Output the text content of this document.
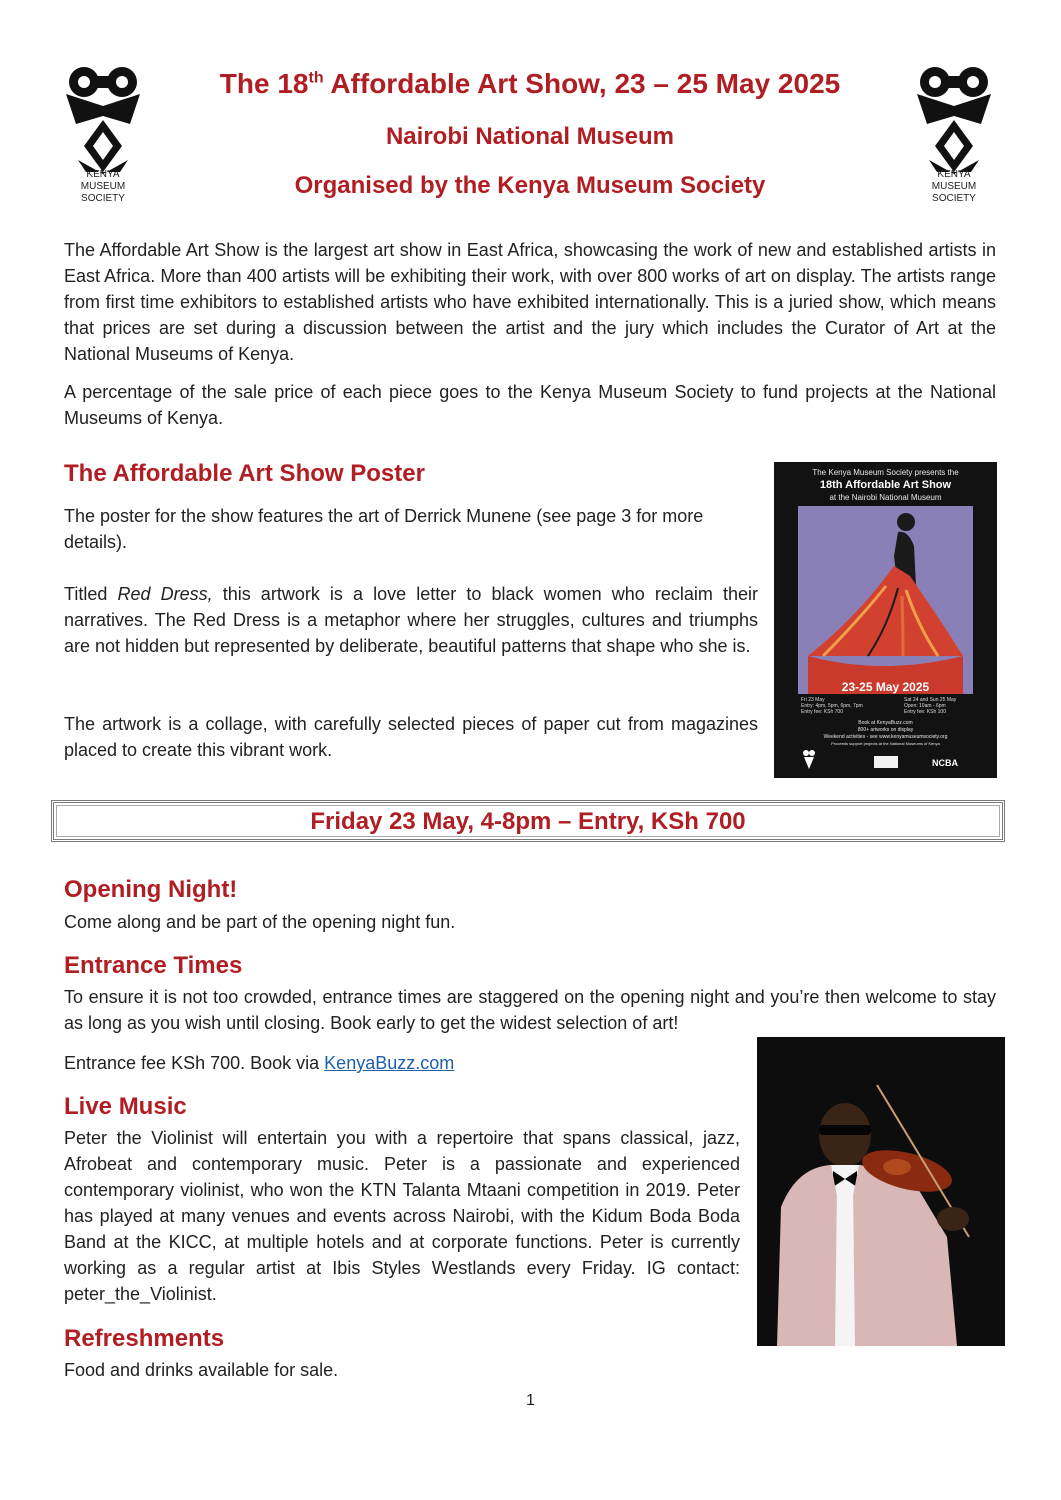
KENYA
MUSEUM
SOCIETY
KENYA
MUSEUM
SOCIETY
The 18th Affordable Art Show, 23 – 25 May 2025
Nairobi National Museum
Organised by the Kenya Museum Society

The Affordable Art Show is the largest art show in East Africa, showcasing the work of new and established artists in East Africa. More than 400 artists will be exhibiting their work, with over 800 works of art on display. The artists range from first time exhibitors to established artists who have exhibited internationally. This is a juried show, which means that prices are set during a discussion between the artist and the jury which includes the Curator of Art at the National Museums of Kenya.

A percentage of the sale price of each piece goes to the Kenya Museum Society to fund projects at the National Museums of Kenya.

The Affordable Art Show Poster

The poster for the show features the art of Derrick Munene (see page 3 for more details).

Titled Red Dress, this artwork is a love letter to black women who reclaim their narratives. The Red Dress is a metaphor where her struggles, cultures and triumphs are not hidden but represented by deliberate, beautiful patterns that shape who she is.

The artwork is a collage, with carefully selected pieces of paper cut from magazines placed to create this vibrant work.

The Kenya Museum Society presents the
18th Affordable Art Show
at the Nairobi National Museum
23-25 May 2025
Fri 23 May
Entry: 4pm, 5pm, 6pm, 7pm
Entry fee: KSh 700
Sat 24 and Sun 25 May
Open: 10am - 6pm
Entry fee: KSh 100
Book at KenyaBuzz.com
800+ artworks on display
Weekend activities - see www.kenyamuseumsociety.org
Proceeds support projects at the National Museums of Kenya
NCBA
Friday 23 May, 4-8pm – Entry, KSh 700
Opening Night!

Come along and be part of the opening night fun.

Entrance Times

To ensure it is not too crowded, entrance times are staggered on the opening night and you’re then welcome to stay as long as you wish until closing. Book early to get the widest selection of art!

Entrance fee KSh 700. Book via KenyaBuzz.com

Live Music

Peter the Violinist will entertain you with a repertoire that spans classical, jazz, Afrobeat and contemporary music. Peter is a passionate and experienced contemporary violinist, who won the KTN Talanta Mtaani competition in 2019. Peter has played at many venues and events across Nairobi, with the Kidum Boda Boda Band at the KICC, at multiple hotels and at corporate functions. Peter is currently working as a regular artist at Ibis Styles Westlands every Friday. IG contact: peter_the_Violinist.

Refreshments

Food and drinks available for sale.

1
